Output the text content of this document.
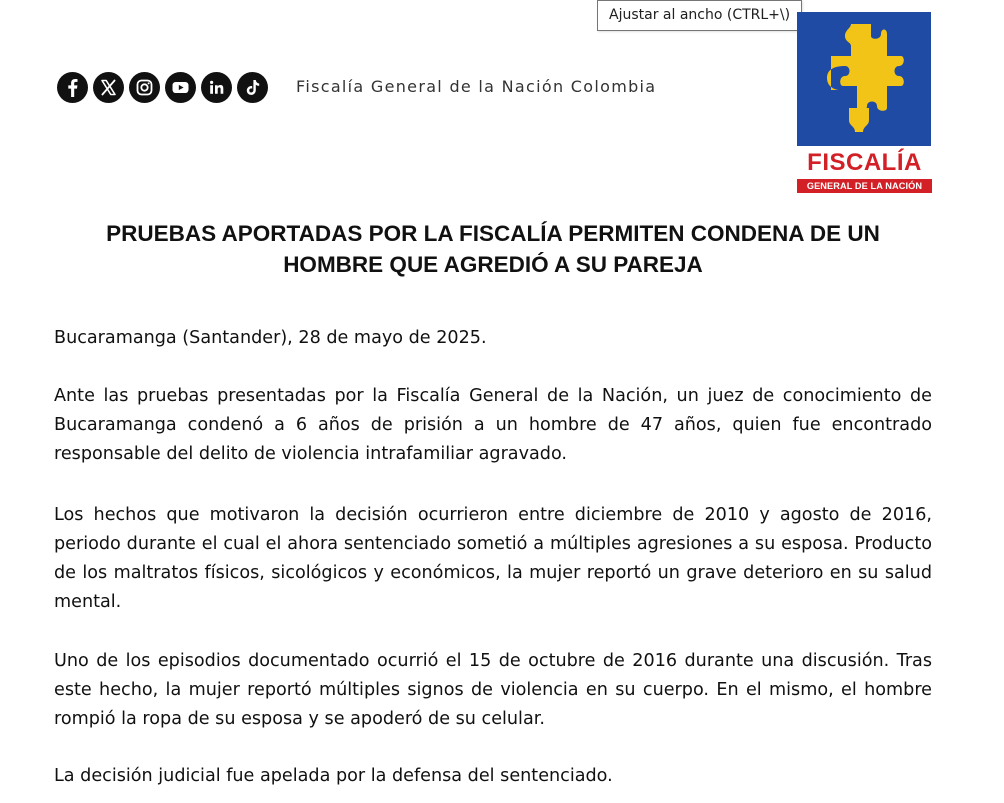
Ajustar al ancho (CTRL+\)
Fiscalía General de la Nación Colombia
FISCALÍA
GENERAL DE LA NACIÓN
PRUEBAS APORTADAS POR LA FISCALÍA PERMITEN CONDENA DE UN HOMBRE QUE AGREDIÓ A SU PAREJA
Bucaramanga (Santander), 28 de mayo de 2025.
Ante las pruebas presentadas por la Fiscalía General de la Nación, un juez de conocimiento de Bucaramanga condenó a 6 años de prisión a un hombre de 47 años, quien fue encontrado responsable del delito de violencia intrafamiliar agravado.
Los hechos que motivaron la decisión ocurrieron entre diciembre de 2010 y agosto de 2016, periodo durante el cual el ahora sentenciado sometió a múltiples agresiones a su esposa. Producto de los maltratos físicos, sicológicos y económicos, la mujer reportó un grave deterioro en su salud mental.
Uno de los episodios documentado ocurrió el 15 de octubre de 2016 durante una discusión. Tras este hecho, la mujer reportó múltiples signos de violencia en su cuerpo. En el mismo, el hombre rompió la ropa de su esposa y se apoderó de su celular.
La decisión judicial fue apelada por la defensa del sentenciado.
